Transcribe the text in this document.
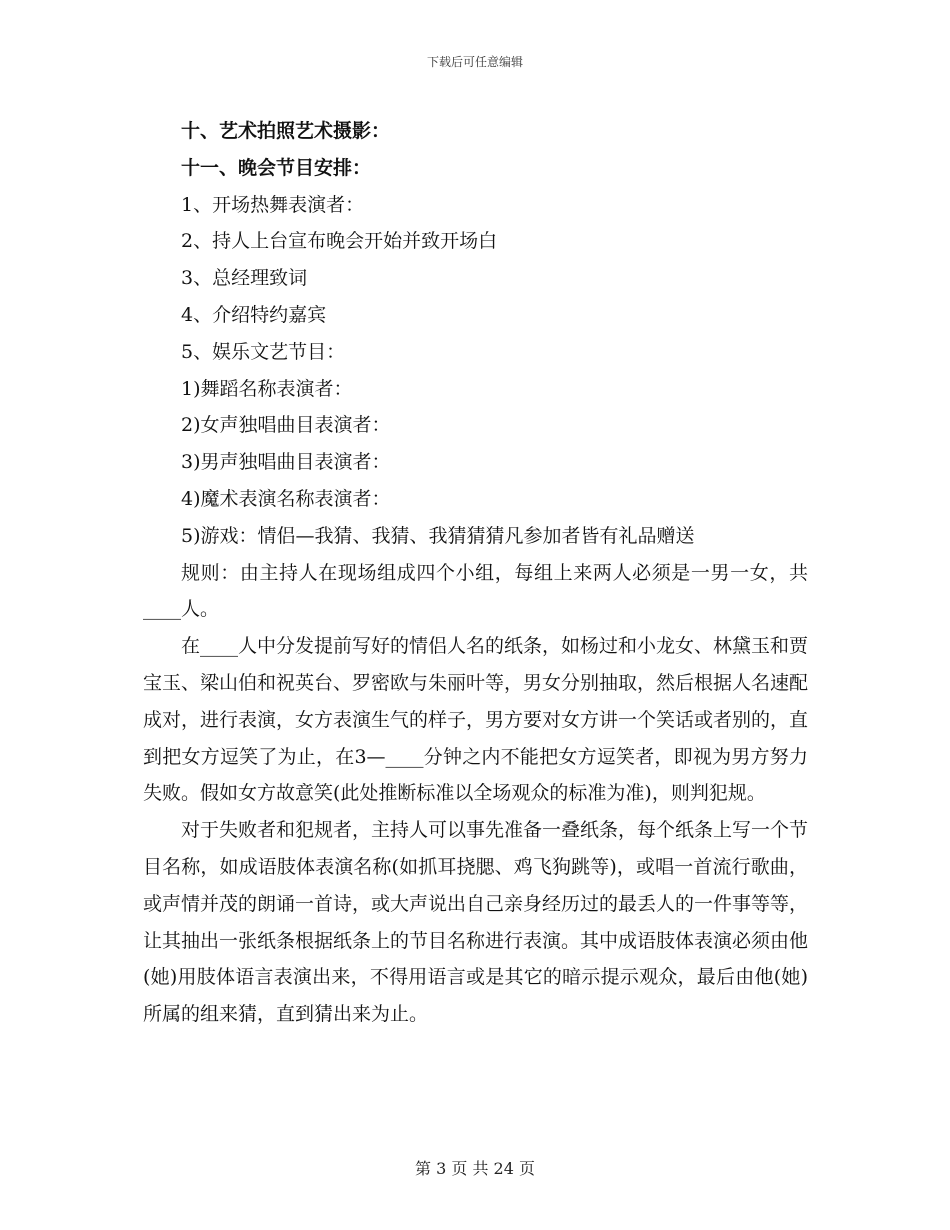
下载后可任意编辑

十、艺术拍照艺术摄影：

十一、晚会节目安排：

1、开场热舞表演者：

2、持人上台宣布晚会开始并致开场白

3、总经理致词

4、介绍特约嘉宾

5、娱乐文艺节目：

1)舞蹈名称表演者：

2)女声独唱曲目表演者：

3)男声独唱曲目表演者：

4)魔术表演名称表演者：

5)游戏：情侣—我猜、我猜、我猜猜猜凡参加者皆有礼品赠送

规则：由主持人在现场组成四个小组，每组上来两人必须是一男一女，共____人。

在____人中分发提前写好的情侣人名的纸条，如杨过和小龙女、林黛玉和贾宝玉、梁山伯和祝英台、罗密欧与朱丽叶等，男女分别抽取，然后根据人名速配成对，进行表演，女方表演生气的样子，男方要对女方讲一个笑话或者别的，直到把女方逗笑了为止，在3—____分钟之内不能把女方逗笑者，即视为男方努力失败。假如女方故意笑(此处推断标准以全场观众的标准为准)，则判犯规。

对于失败者和犯规者，主持人可以事先准备一叠纸条，每个纸条上写一个节目名称，如成语肢体表演名称(如抓耳挠腮、鸡飞狗跳等)，或唱一首流行歌曲，或声情并茂的朗诵一首诗，或大声说出自己亲身经历过的最丢人的一件事等等，让其抽出一张纸条根据纸条上的节目名称进行表演。其中成语肢体表演必须由他(她)用肢体语言表演出来，不得用语言或是其它的暗示提示观众，最后由他(她)所属的组来猜，直到猜出来为止。

第 3 页 共 24 页
